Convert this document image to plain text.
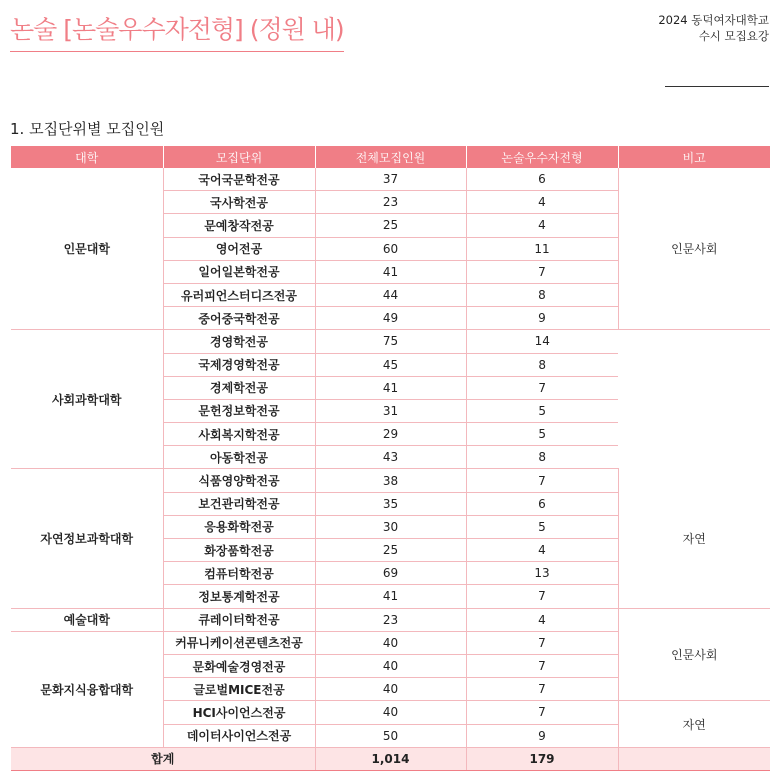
논술 [논술우수자전형] (정원 내)	2024 동덕여자대학교
수시 모집요강
1. 모집단위별 모집인원
대학	모집단위	전체모집인원	논술우수자전형	비고
인문대학	국어국문학전공	37	6	인문사회
	국사학전공	23	4	
	문예창작전공	25	4	
	영어전공	60	11	
	일어일본학전공	41	7	
	유러피언스터디즈전공	44	8	
	중어중국학전공	49	9	
사회과학대학	경영학전공	75	14	
	국제경영학전공	45	8	
	경제학전공	41	7	
	문헌정보학전공	31	5	
	사회복지학전공	29	5	
	아동학전공	43	8	
자연정보과학대학	식품영양학전공	38	7	자연
	보건관리학전공	35	6	
	응용화학전공	30	5	
	화장품학전공	25	4	
	컴퓨터학전공	69	13	
	정보통계학전공	41	7	
예술대학	큐레이터학전공	23	4	인문사회
문화지식융합대학	커뮤니케이션콘텐츠전공	40	7	
	문화예술경영전공	40	7	
	글로벌MICE전공	40	7	
	HCI사이언스전공	40	7	자연
	데이터사이언스전공	50	9	
합계		1,014	179	
